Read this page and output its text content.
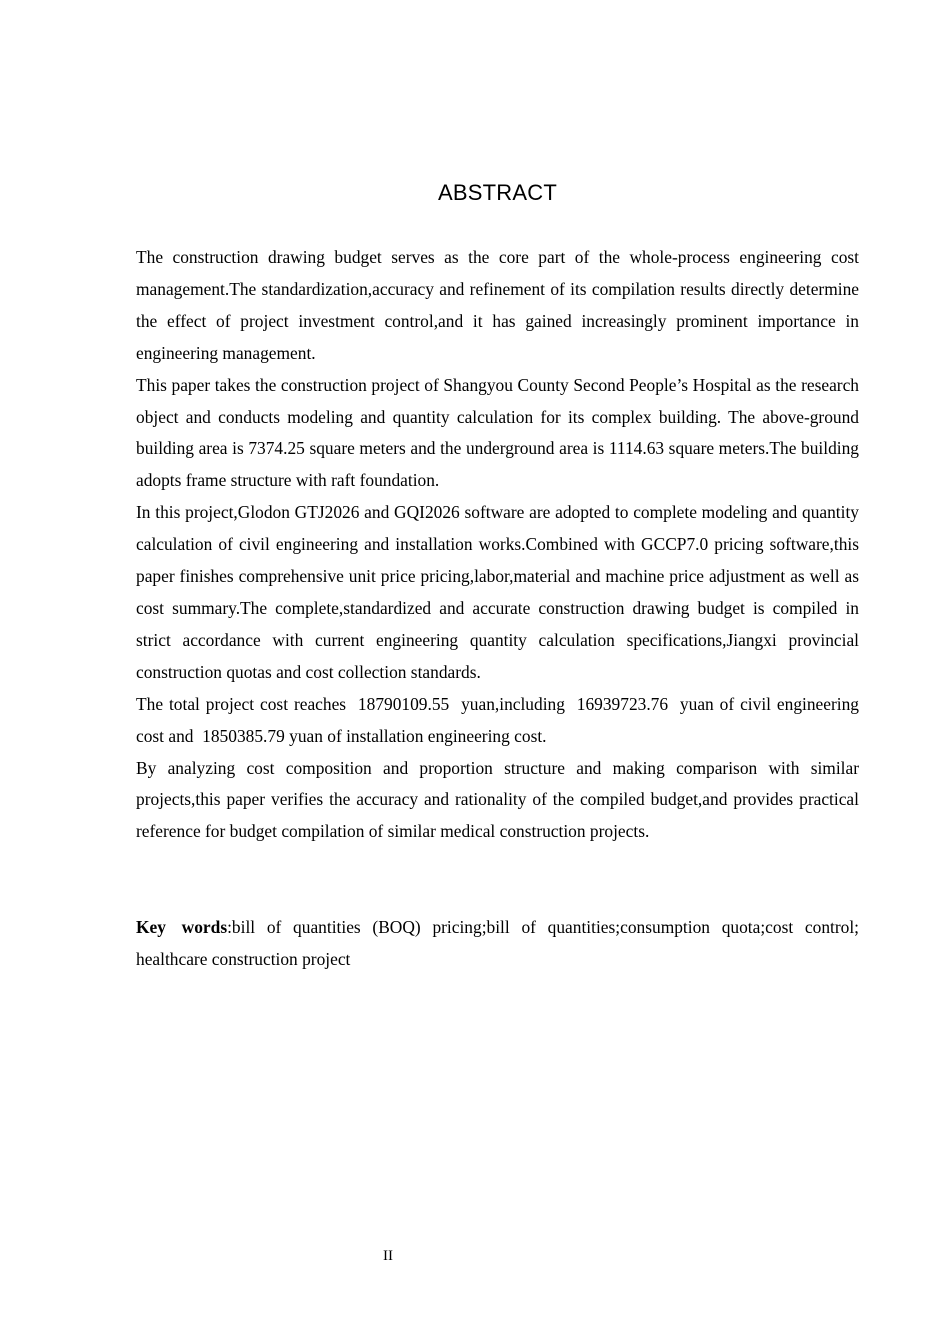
ABSTRACT

The construction drawing budget serves as the core part of the whole-process engineering cost management.The standardization,accuracy and refinement of its compilation results directly determine the effect of project investment control,and it has gained increasingly prominent importance in engineering management.

This paper takes the construction project of Shangyou County Second People’s Hospital as the research object and conducts modeling and quantity calculation for its complex building. The above-ground building area is 7374.25 square meters and the underground area is 1114.63 square meters.The building adopts frame structure with raft foundation.

In this project,Glodon GTJ2026 and GQI2026 software are adopted to complete modeling and quantity calculation of civil engineering and installation works.Combined with GCCP7.0 pricing software,this paper finishes comprehensive unit price pricing,labor,material and machine price adjustment as well as cost summary.The complete,standardized and accurate construction drawing budget is compiled in strict accordance with current engineering quantity calculation specifications,Jiangxi provincial construction quotas and cost collection standards.

The total project cost reaches  18790109.55  yuan,including  16939723.76  yuan of civil engineering cost and  1850385.79 yuan of installation engineering cost.

By analyzing cost composition and proportion structure and making comparison with similar projects,this paper verifies the accuracy and rationality of the compiled budget,and provides practical reference for budget compilation of similar medical construction projects.

Key words:bill of quantities (BOQ) pricing;bill of quantities;consumption quota;cost control; healthcare construction project

II
